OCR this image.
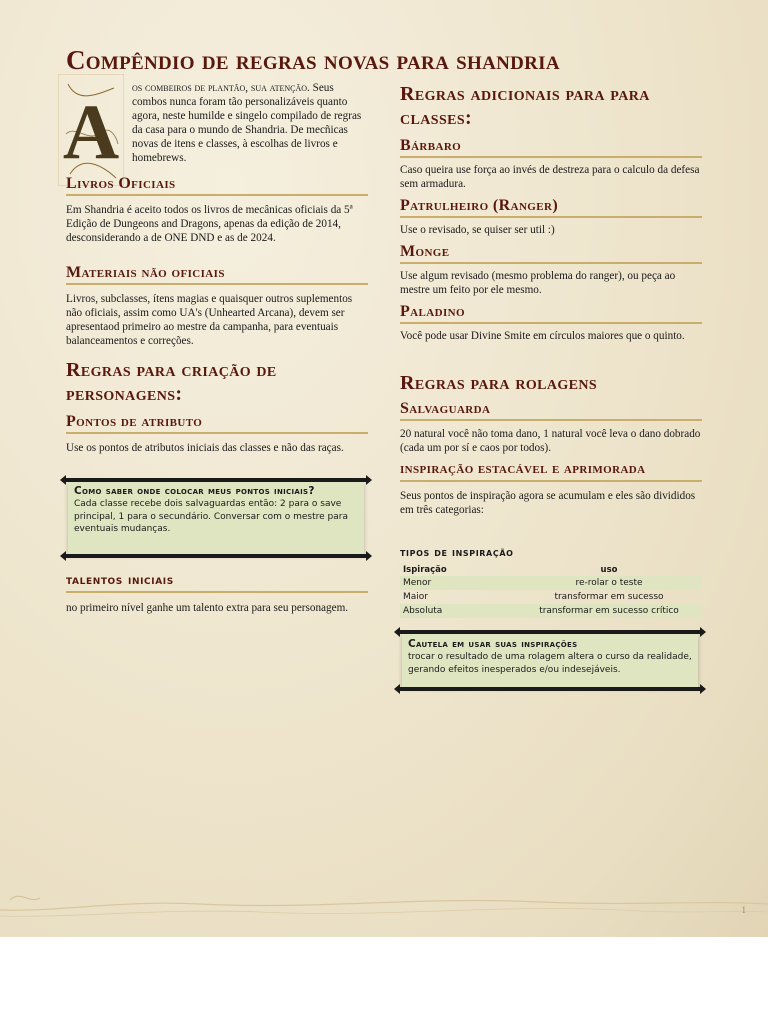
Compêndio de regras novas para shandria
A os combeiros de plantão, sua atenção. Seus combos nunca foram tão personalizáveis quanto agora, neste humilde e singelo compilado de regras da casa para o mundo de Shandria. De mecñicas novas de itens e classes, à escolhas de livros e homebrews.
Livros Oficiais

Em Shandria é aceito todos os livros de mecânicas oficiais da 5ª Edição de Dungeons and Dragons, apenas da edição de 2014, desconsiderando a de ONE DND e as de 2024.

Materiais não oficiais

Livros, subclasses, ítens magias e quaisquer outros suplementos não oficiais, assim como UA's (Unhearted Arcana), devem ser apresentaod primeiro ao mestre da campanha, para eventuais balanceamentos e correções.

Regras para criação de personagens:
Pontos de atributo

Use os pontos de atributos iniciais das classes e não das raças.

Como saber onde colocar meus pontos iniciais?
Cada classe recebe dois salvaguardas então: 2 para o save principal, 1 para o secundário. Conversar com o mestre para eventuais mudanças.
talentos iniciais

no primeiro nível ganhe um talento extra para seu personagem.

Regras adicionais para para classes:
Bárbaro

Caso queira use força ao invés de destreza para o calculo da defesa sem armadura.

Patrulheiro (Ranger)

Use o revisado, se quiser ser util :)

Monge

Use algum revisado (mesmo problema do ranger), ou peça ao mestre um feito por ele mesmo.

Paladino

Você pode usar Divine Smite em círculos maiores que o quinto.

Regras para rolagens
Salvaguarda

20 natural você não toma dano, 1 natural você leva o dano dobrado (cada um por sí e caos por todos).

inspiração estacável e aprimorada

Seus pontos de inspiração agora se acumulam e eles são divididos em três categorias:

tipos de inspiração
Ispiração	uso
Menor	re-rolar o teste
Maior	transformar em sucesso
Absoluta	transformar em sucesso crítico
Cautela em usar suas inspirações
trocar o resultado de uma rolagem altera o curso da realidade, gerando efeitos inesperados e/ou indesejáveis.
1
